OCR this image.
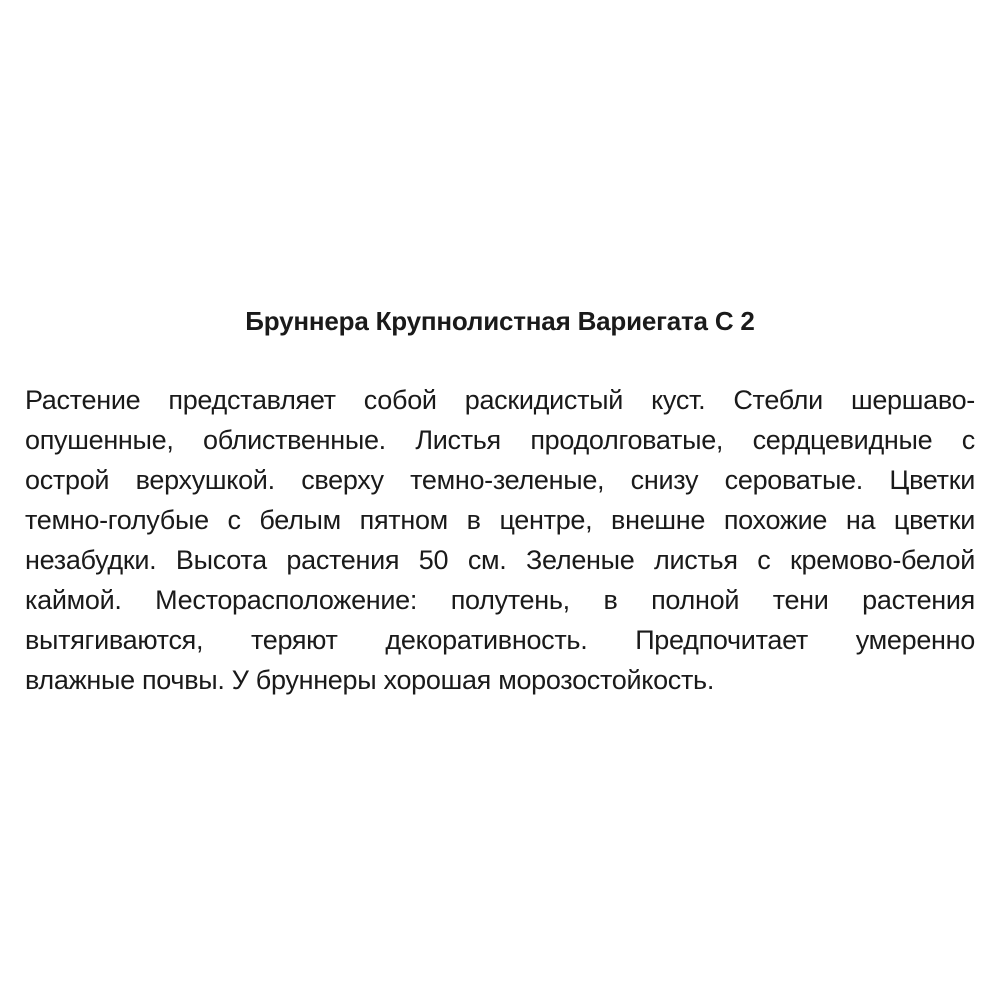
Бруннера Крупнолистная Вариегата С 2
Растение представляет собой раскидистый куст. Стебли шершаво-
опушенные, облиственные. Листья продолговатые, сердцевидные с
острой верхушкой. сверху темно-зеленые, снизу сероватые. Цветки
темно-голубые с белым пятном в центре, внешне похожие на цветки
незабудки. Высота растения 50 см. Зеленые листья с кремово-белой
каймой. Месторасположение: полутень, в полной тени растения
вытягиваются, теряют декоративность. Предпочитает умеренно
влажные почвы. У бруннеры хорошая морозостойкость.
